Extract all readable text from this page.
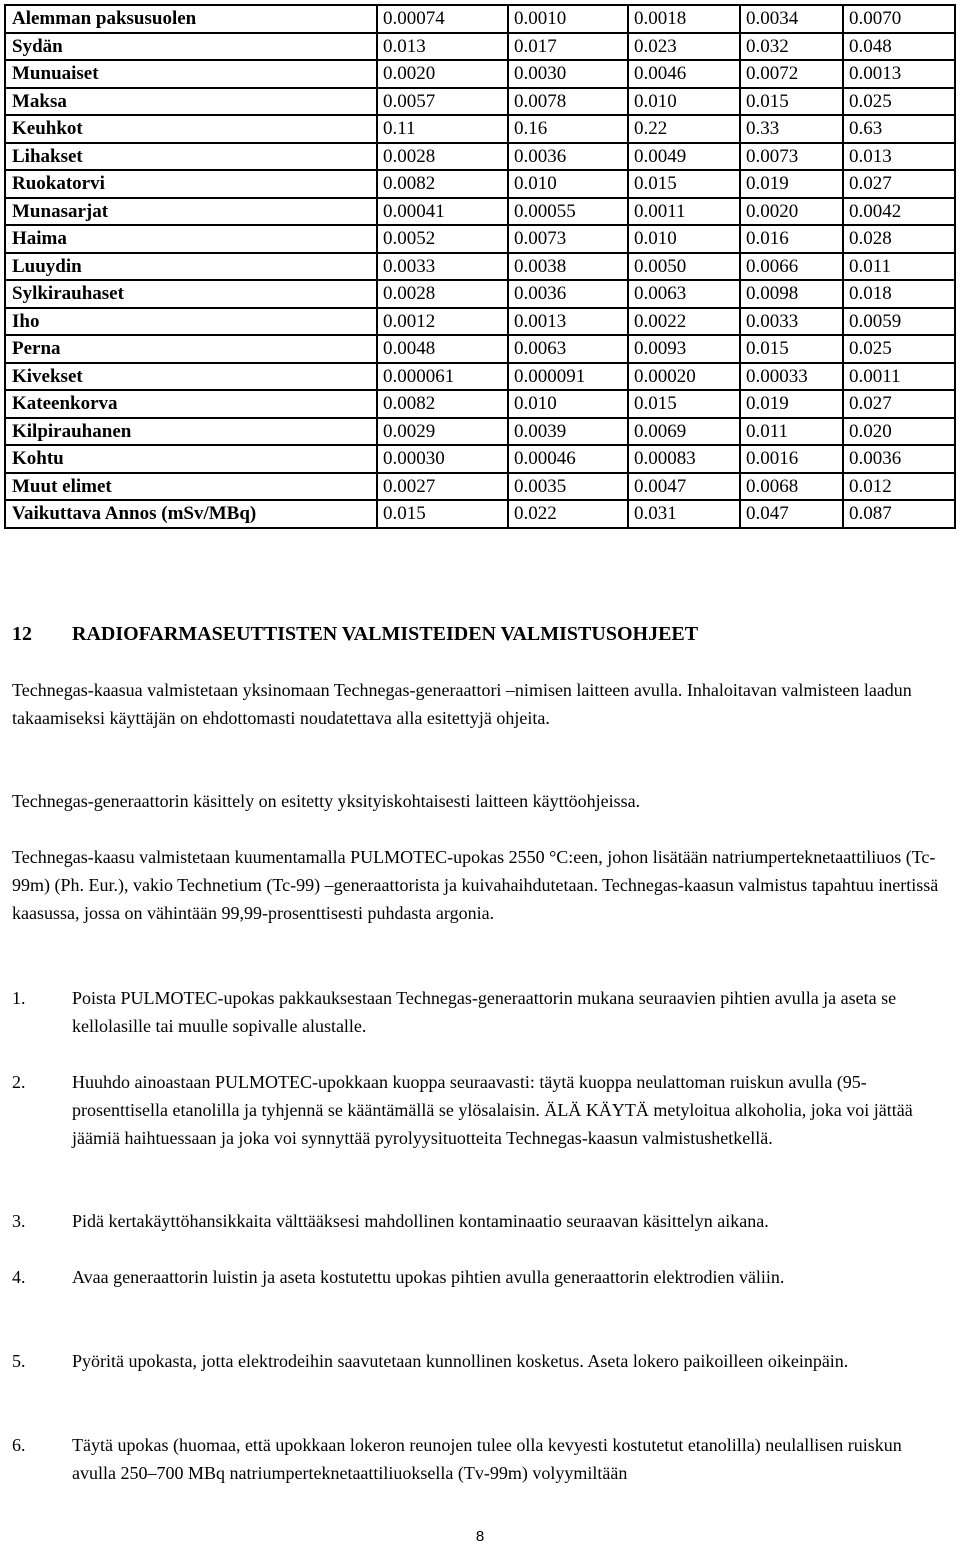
Alemman paksusuolen	0.00074	0.0010	0.0018	0.0034	0.0070
Sydän	0.013	0.017	0.023	0.032	0.048
Munuaiset	0.0020	0.0030	0.0046	0.0072	0.0013
Maksa	0.0057	0.0078	0.010	0.015	0.025
Keuhkot	0.11	0.16	0.22	0.33	0.63
Lihakset	0.0028	0.0036	0.0049	0.0073	0.013
Ruokatorvi	0.0082	0.010	0.015	0.019	0.027
Munasarjat	0.00041	0.00055	0.0011	0.0020	0.0042
Haima	0.0052	0.0073	0.010	0.016	0.028
Luuydin	0.0033	0.0038	0.0050	0.0066	0.011
Sylkirauhaset	0.0028	0.0036	0.0063	0.0098	0.018
Iho	0.0012	0.0013	0.0022	0.0033	0.0059
Perna	0.0048	0.0063	0.0093	0.015	0.025
Kivekset	0.000061	0.000091	0.00020	0.00033	0.0011
Kateenkorva	0.0082	0.010	0.015	0.019	0.027
Kilpirauhanen	0.0029	0.0039	0.0069	0.011	0.020
Kohtu	0.00030	0.00046	0.00083	0.0016	0.0036
Muut elimet	0.0027	0.0035	0.0047	0.0068	0.012
Vaikuttava Annos (mSv/MBq)	0.015	0.022	0.031	0.047	0.087
12 RADIOFARMASEUTTISTEN VALMISTEIDEN VALMISTUSOHJEET

Technegas-kaasua valmistetaan yksinomaan Technegas-generaattori –nimisen laitteen avulla. Inhaloitavan valmisteen laadun takaamiseksi käyttäjän on ehdottomasti noudatettava alla esitettyjä ohjeita.

Technegas-generaattorin käsittely on esitetty yksityiskohtaisesti laitteen käyttöohjeissa.

Technegas-kaasu valmistetaan kuumentamalla PULMOTEC-upokas 2550 °C:een, johon lisätään natriumperteknetaattiliuos (Tc-99m) (Ph. Eur.), vakio Technetium (Tc-99) –generaattorista ja kuivahaihdutetaan. Technegas-kaasun valmistus tapahtuu inertissä kaasussa, jossa on vähintään 99,99-prosenttisesti puhdasta argonia.

1.	Poista PULMOTEC-upokas pakkauksestaan Technegas-generaattorin mukana seuraavien pihtien avulla ja aseta se kellolasille tai muulle sopivalle alustalle.
2.	Huuhdo ainoastaan PULMOTEC-upokkaan kuoppa seuraavasti: täytä kuoppa neulattoman ruiskun avulla (95-prosenttisella etanolilla ja tyhjennä se kääntämällä se ylösalaisin. ÄLÄ KÄYTÄ metyloitua alkoholia, joka voi jättää jäämiä haihtuessaan ja joka voi synnyttää pyrolyysituotteita Technegas-kaasun valmistushetkellä.
3.	Pidä kertakäyttöhansikkaita välttääksesi mahdollinen kontaminaatio seuraavan käsittelyn aikana.
4.	Avaa generaattorin luistin ja aseta kostutettu upokas pihtien avulla generaattorin elektrodien väliin.
5.	Pyöritä upokasta, jotta elektrodeihin saavutetaan kunnollinen kosketus. Aseta lokero paikoilleen oikeinpäin.
6.	Täytä upokas (huomaa, että upokkaan lokeron reunojen tulee olla kevyesti kostutetut etanolilla) neulallisen ruiskun avulla 250–700 MBq natriumperteknetaattiliuoksella (Tv-99m) volyymiltään
8
